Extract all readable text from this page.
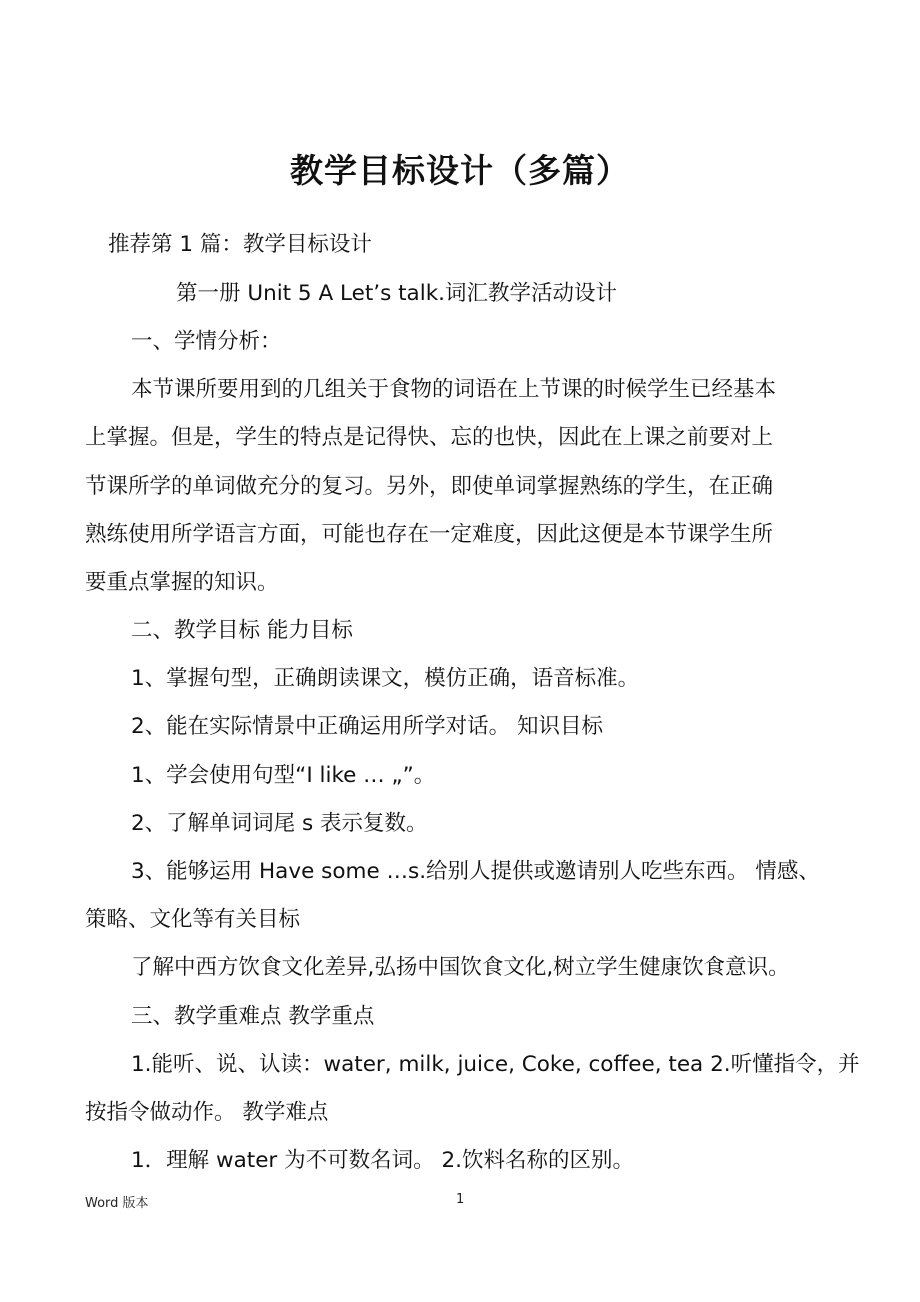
教学目标设计（多篇）
推荐第 1 篇：教学目标设计
第一册 Unit 5 A Let’s talk.词汇教学活动设计
一、学情分析：
本节课所要用到的几组关于食物的词语在上节课的时候学生已经基本
上掌握。但是，学生的特点是记得快、忘的也快，因此在上课之前要对上
节课所学的单词做充分的复习。另外，即使单词掌握熟练的学生，在正确
熟练使用所学语言方面，可能也存在一定难度，因此这便是本节课学生所
要重点掌握的知识。
二、教学目标 能力目标
1、掌握句型，正确朗读课文，模仿正确，语音标准。
2、能在实际情景中正确运用所学对话。 知识目标
1、学会使用句型“I like … „”。
2、了解单词词尾 s 表示复数。
3、能够运用 Have some …s.给别人提供或邀请别人吃些东西。 情感、
策略、文化等有关目标
了解中西方饮食文化差异,弘扬中国饮食文化,树立学生健康饮食意识。
三、教学重难点 教学重点
1.能听、说、认读：water, milk, juice, Coke, coffee, tea 2.听懂指令，并
按指令做动作。 教学难点
1．理解 water 为不可数名词。 2.饮料名称的区别。
Word 版本	1
